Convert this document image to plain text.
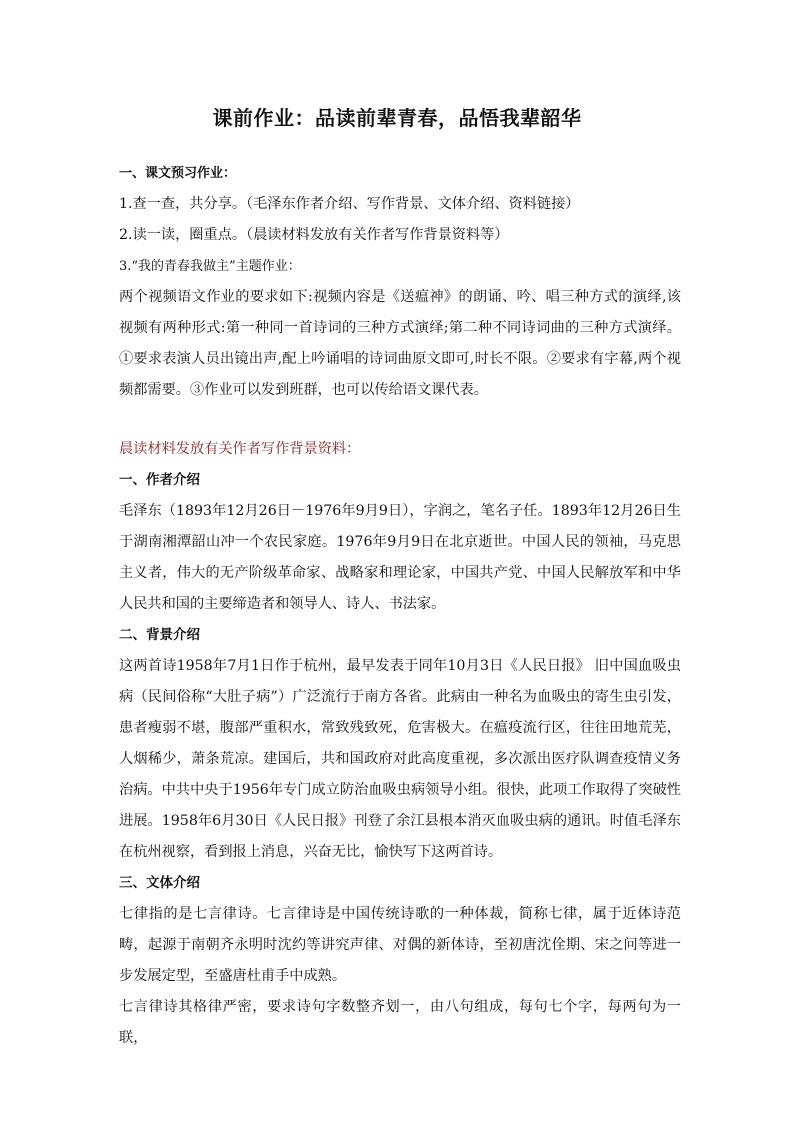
课前作业：品读前辈青春，品悟我辈韶华
一、课文预习作业：
1.查一查，共分享。（毛泽东作者介绍、写作背景、文体介绍、资料链接）
2.读一读，圈重点。（晨读材料发放有关作者写作背景资料等）
3.“我的青春我做主”主题作业：

两个视频语文作业的要求如下:视频内容是《送瘟神》的朗诵、吟、唱三种方式的演绎,该视频有两种形式:第一种同一首诗词的三种方式演绎;第二种不同诗词曲的三种方式演绎。①要求表演人员出镜出声,配上吟诵唱的诗词曲原文即可,时长不限。②要求有字幕,两个视频都需要。③作业可以发到班群，也可以传给语文课代表。

晨读材料发放有关作者写作背景资料：
一、作者介绍

毛泽东（1893年12月26日－1976年9月9日），字润之，笔名子任。1893年12月26日生于湖南湘潭韶山冲一个农民家庭。1976年9月9日在北京逝世。中国人民的领袖，马克思主义者，伟大的无产阶级革命家、战略家和理论家，中国共产党、中国人民解放军和中华人民共和国的主要缔造者和领导人、诗人、书法家。

二、背景介绍

这两首诗1958年7月1日作于杭州，最早发表于同年10月3日《人民日报》 旧中国血吸虫病（民间俗称“大肚子病”）广泛流行于南方各省。此病由一种名为血吸虫的寄生虫引发，患者瘦弱不堪，腹部严重积水，常致残致死，危害极大。在瘟疫流行区，往往田地荒芜，人烟稀少，萧条荒凉。建国后，共和国政府对此高度重视，多次派出医疗队调查疫情义务治病。中共中央于1956年专门成立防治血吸虫病领导小组。很快，此项工作取得了突破性进展。1958年6月30日《人民日报》刊登了余江县根本消灭血吸虫病的通讯。时值毛泽东在杭州视察，看到报上消息，兴奋无比，愉快写下这两首诗。

三、文体介绍

七律指的是七言律诗。七言律诗是中国传统诗歌的一种体裁，简称七律，属于近体诗范畴，起源于南朝齐永明时沈约等讲究声律、对偶的新体诗，至初唐沈佺期、宋之问等进一步发展定型，至盛唐杜甫手中成熟。

七言律诗其格律严密，要求诗句字数整齐划一，由八句组成，每句七个字，每两句为一联，
